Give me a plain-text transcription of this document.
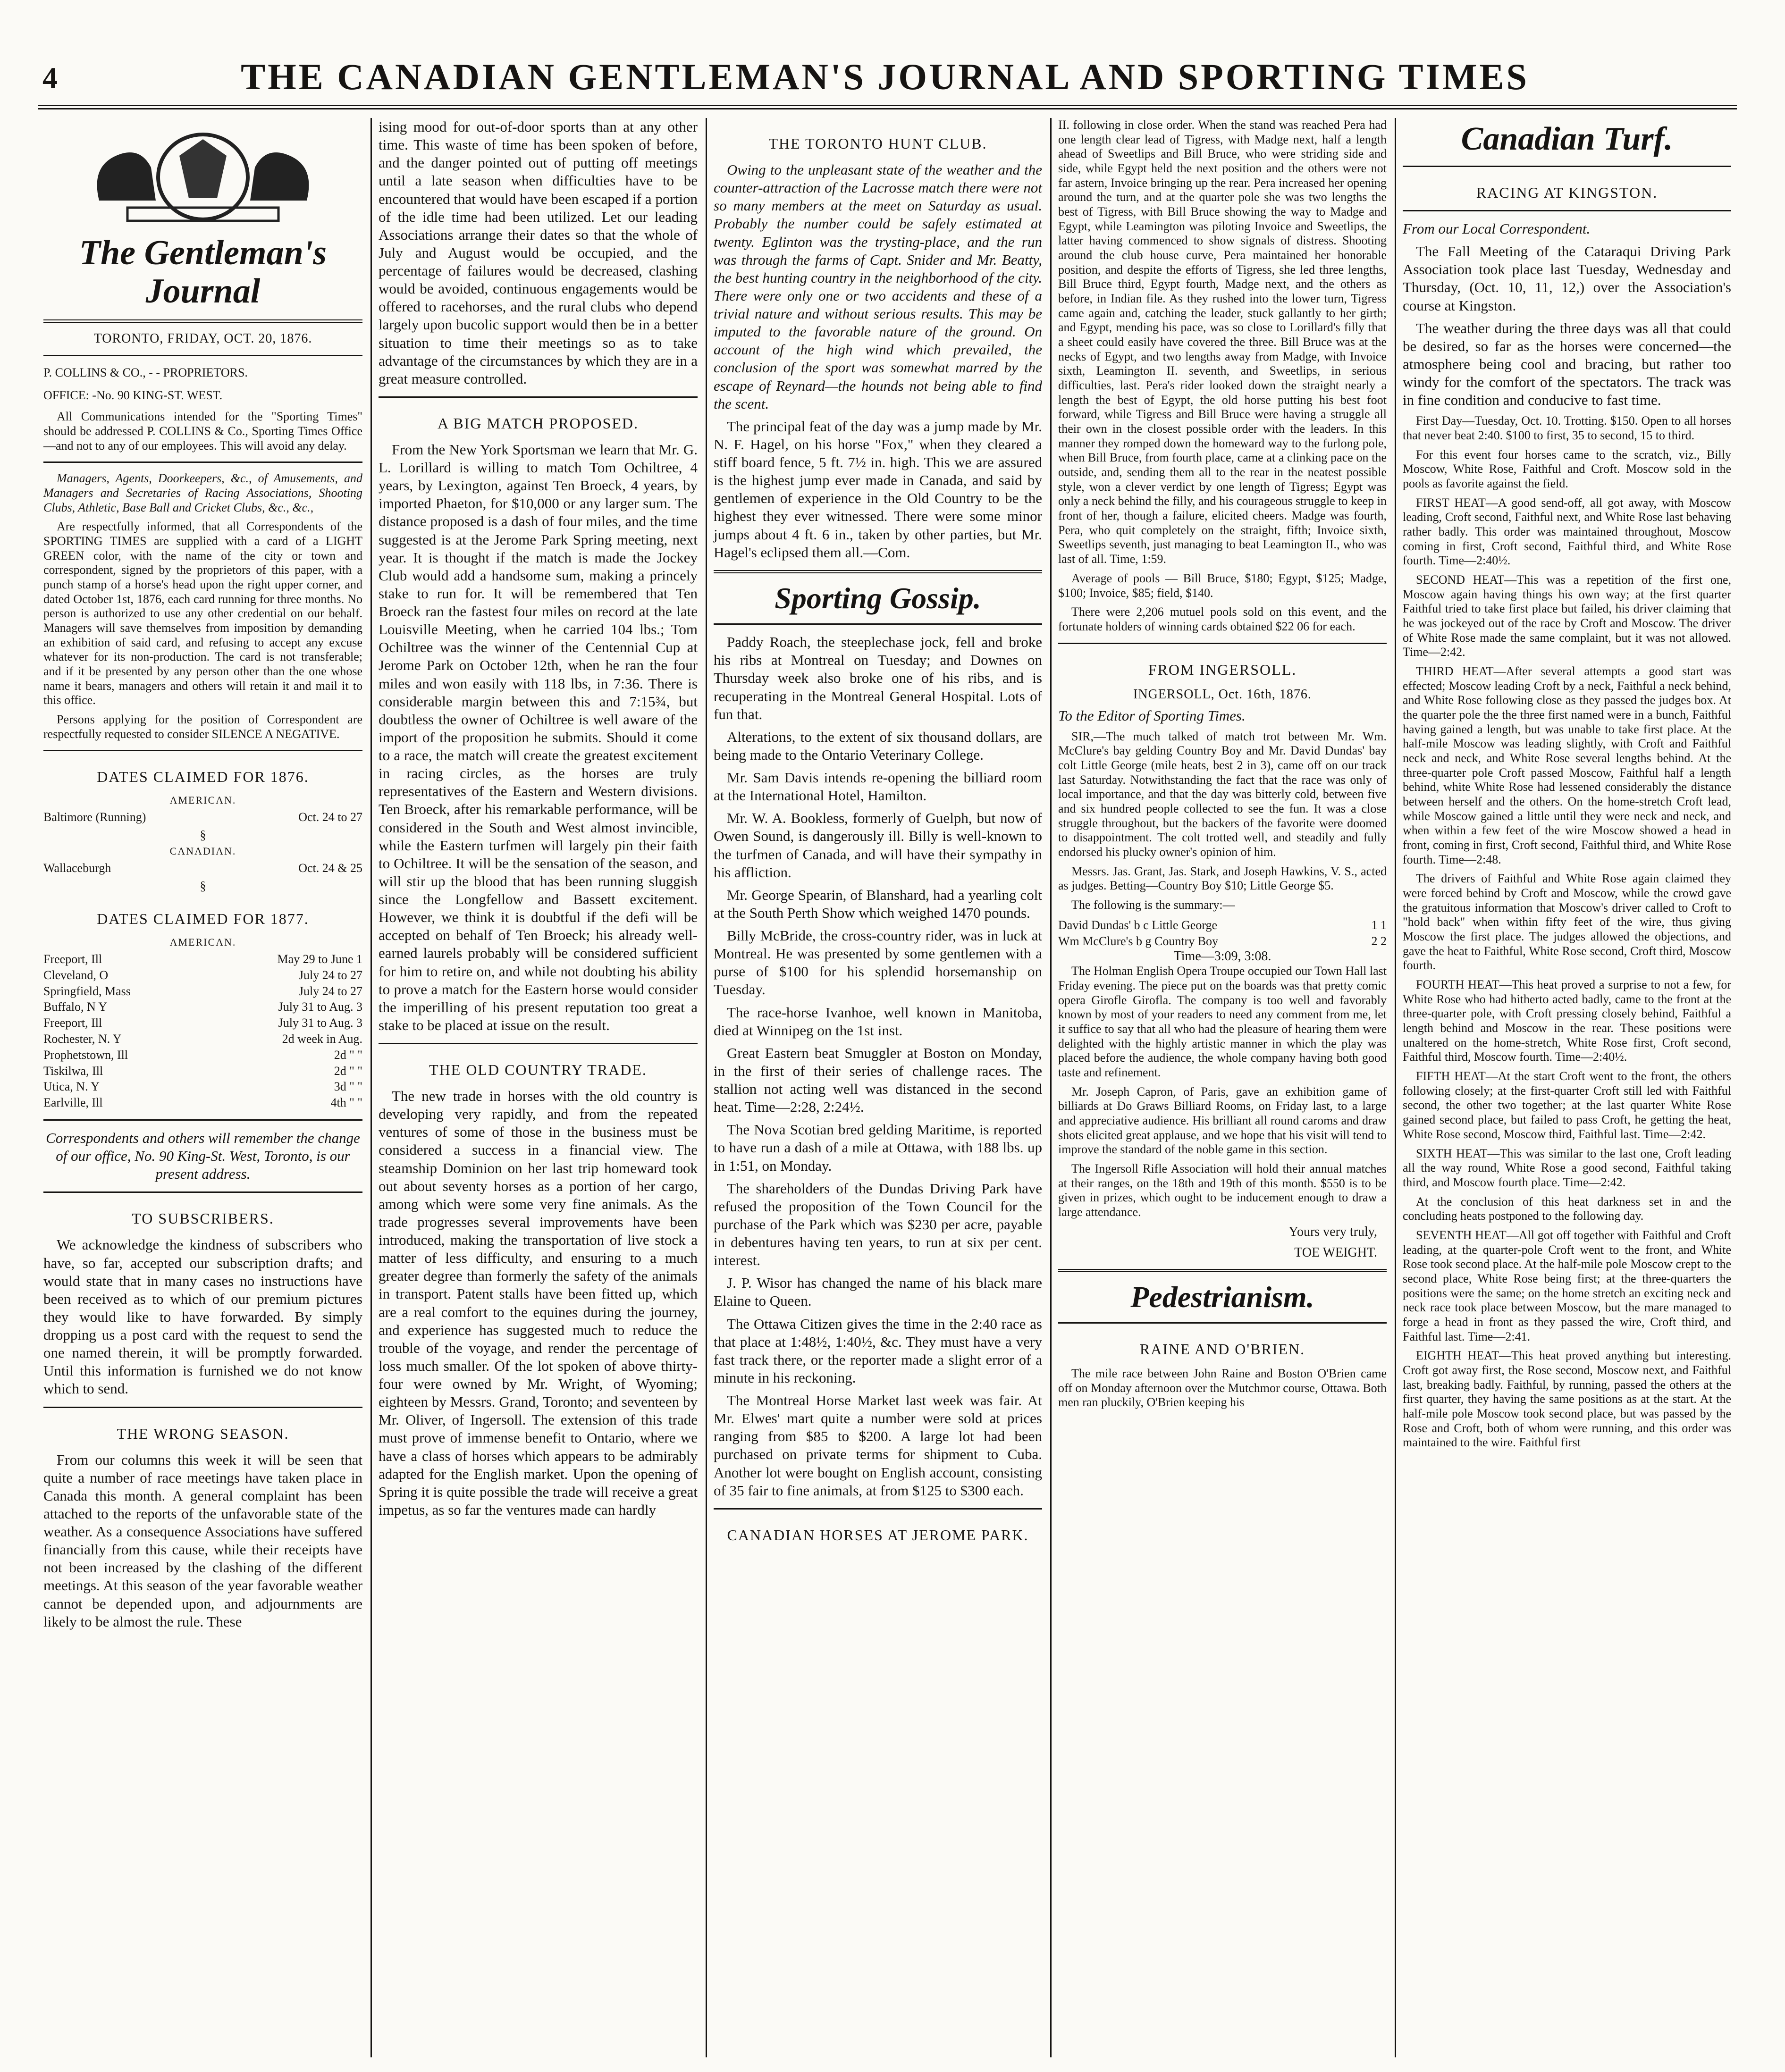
4	THE CANADIAN GENTLEMAN'S JOURNAL AND SPORTING TIMES
The Gentleman's Journal
TORONTO, FRIDAY, OCT. 20, 1876.
P. COLLINS & CO., - - PROPRIETORS.
OFFICE: -No. 90 KING-ST. WEST.

All Communications intended for the "Sporting Times" should be addressed P. COLLINS & Co., Sporting Times Office—and not to any of our employees. This will avoid any delay.

Managers, Agents, Doorkeepers, &c., of Amusements, and Managers and Secretaries of Racing Associations, Shooting Clubs, Athletic, Base Ball and Cricket Clubs, &c., &c.,

Are respectfully informed, that all Correspondents of the SPORTING TIMES are supplied with a card of a LIGHT GREEN color, with the name of the city or town and correspondent, signed by the proprietors of this paper, with a punch stamp of a horse's head upon the right upper corner, and dated October 1st, 1876, each card running for three months. No person is authorized to use any other credential on our behalf. Managers will save themselves from imposition by demanding an exhibition of said card, and refusing to accept any excuse whatever for its non-production. The card is not transferable; and if it be presented by any person other than the one whose name it bears, managers and others will retain it and mail it to this office.

Persons applying for the position of Correspondent are respectfully requested to consider SILENCE A NEGATIVE.

DATES CLAIMED FOR 1876.
AMERICAN.
Baltimore (Running)	Oct. 24 to 27
§
CANADIAN.
Wallaceburgh	Oct. 24 & 25
§
DATES CLAIMED FOR 1877.
AMERICAN.
Freeport, Ill	May 29 to June 1
Cleveland, O	July 24 to 27
Springfield, Mass	July 24 to 27
Buffalo, N Y	July 31 to Aug. 3
Freeport, Ill	July 31 to Aug. 3
Rochester, N. Y	2d week in Aug.
Prophetstown, Ill	2d " "
Tiskilwa, Ill	2d " "
Utica, N. Y	3d " "
Earlville, Ill	4th " "

Correspondents and others will remember the change of our office, No. 90 King-St. West, Toronto, is our present address.

TO SUBSCRIBERS.

We acknowledge the kindness of subscribers who have, so far, accepted our subscription drafts; and would state that in many cases no instructions have been received as to which of our premium pictures they would like to have forwarded. By simply dropping us a post card with the request to send the one named therein, it will be promptly forwarded. Until this information is furnished we do not know which to send.

THE WRONG SEASON.

From our columns this week it will be seen that quite a number of race meetings have taken place in Canada this month. A general complaint has been attached to the reports of the unfavorable state of the weather. As a consequence Associations have suffered financially from this cause, while their receipts have not been increased by the clashing of the different meetings. At this season of the year favorable weather cannot be depended upon, and adjournments are likely to be almost the rule. These

ising mood for out-of-door sports than at any other time. This waste of time has been spoken of before, and the danger pointed out of putting off meetings until a late season when difficulties have to be encountered that would have been escaped if a portion of the idle time had been utilized. Let our leading Associations arrange their dates so that the whole of July and August would be occupied, and the percentage of failures would be decreased, clashing would be avoided, continuous engagements would be offered to racehorses, and the rural clubs who depend largely upon bucolic support would then be in a better situation to time their meetings so as to take advantage of the circumstances by which they are in a great measure controlled.

A BIG MATCH PROPOSED.

From the New York Sportsman we learn that Mr. G. L. Lorillard is willing to match Tom Ochiltree, 4 years, by Lexington, against Ten Broeck, 4 years, by imported Phaeton, for $10,000 or any larger sum. The distance proposed is a dash of four miles, and the time suggested is at the Jerome Park Spring meeting, next year. It is thought if the match is made the Jockey Club would add a handsome sum, making a princely stake to run for. It will be remembered that Ten Broeck ran the fastest four miles on record at the late Louisville Meeting, when he carried 104 lbs.; Tom Ochiltree was the winner of the Centennial Cup at Jerome Park on October 12th, when he ran the four miles and won easily with 118 lbs, in 7:36. There is considerable margin between this and 7:15¾, but doubtless the owner of Ochiltree is well aware of the import of the proposition he submits. Should it come to a race, the match will create the greatest excitement in racing circles, as the horses are truly representatives of the Eastern and Western divisions. Ten Broeck, after his remarkable performance, will be considered in the South and West almost invincible, while the Eastern turfmen will largely pin their faith to Ochiltree. It will be the sensation of the season, and will stir up the blood that has been running sluggish since the Longfellow and Bassett excitement. However, we think it is doubtful if the defi will be accepted on behalf of Ten Broeck; his already well-earned laurels probably will be considered sufficient for him to retire on, and while not doubting his ability to prove a match for the Eastern horse would consider the imperilling of his present reputation too great a stake to be placed at issue on the result.

THE OLD COUNTRY TRADE.

The new trade in horses with the old country is developing very rapidly, and from the repeated ventures of some of those in the business must be considered a success in a financial view. The steamship Dominion on her last trip homeward took out about seventy horses as a portion of her cargo, among which were some very fine animals. As the trade progresses several improvements have been introduced, making the transportation of live stock a matter of less difficulty, and ensuring to a much greater degree than formerly the safety of the animals in transport. Patent stalls have been fitted up, which are a real comfort to the equines during the journey, and experience has suggested much to reduce the trouble of the voyage, and render the percentage of loss much smaller. Of the lot spoken of above thirty-four were owned by Mr. Wright, of Wyoming; eighteen by Messrs. Grand, Toronto; and seventeen by Mr. Oliver, of Ingersoll. The extension of this trade must prove of immense benefit to Ontario, where we have a class of horses which appears to be admirably adapted for the English market. Upon the opening of Spring it is quite possible the trade will receive a great impetus, as so far the ventures made can hardly

THE TORONTO HUNT CLUB.

Owing to the unpleasant state of the weather and the counter-attraction of the Lacrosse match there were not so many members at the meet on Saturday as usual. Probably the number could be safely estimated at twenty. Eglinton was the trysting-place, and the run was through the farms of Capt. Snider and Mr. Beatty, the best hunting country in the neighborhood of the city. There were only one or two accidents and these of a trivial nature and without serious results. This may be imputed to the favorable nature of the ground. On account of the high wind which prevailed, the conclusion of the sport was somewhat marred by the escape of Reynard—the hounds not being able to find the scent.

The principal feat of the day was a jump made by Mr. N. F. Hagel, on his horse "Fox," when they cleared a stiff board fence, 5 ft. 7½ in. high. This we are assured is the highest jump ever made in Canada, and said by gentlemen of experience in the Old Country to be the highest they ever witnessed. There were some minor jumps about 4 ft. 6 in., taken by other parties, but Mr. Hagel's eclipsed them all.—Com.

Sporting Gossip.

Paddy Roach, the steeplechase jock, fell and broke his ribs at Montreal on Tuesday; and Downes on Thursday week also broke one of his ribs, and is recuperating in the Montreal General Hospital. Lots of fun that.

Alterations, to the extent of six thousand dollars, are being made to the Ontario Veterinary College.

Mr. Sam Davis intends re-opening the billiard room at the International Hotel, Hamilton.

Mr. W. A. Bookless, formerly of Guelph, but now of Owen Sound, is dangerously ill. Billy is well-known to the turfmen of Canada, and will have their sympathy in his affliction.

Mr. George Spearin, of Blanshard, had a yearling colt at the South Perth Show which weighed 1470 pounds.

Billy McBride, the cross-country rider, was in luck at Montreal. He was presented by some gentlemen with a purse of $100 for his splendid horsemanship on Tuesday.

The race-horse Ivanhoe, well known in Manitoba, died at Winnipeg on the 1st inst.

Great Eastern beat Smuggler at Boston on Monday, in the first of their series of challenge races. The stallion not acting well was distanced in the second heat. Time—2:28, 2:24½.

The Nova Scotian bred gelding Maritime, is reported to have run a dash of a mile at Ottawa, with 188 lbs. up in 1:51, on Monday.

The shareholders of the Dundas Driving Park have refused the proposition of the Town Council for the purchase of the Park which was $230 per acre, payable in debentures having ten years, to run at six per cent. interest.

J. P. Wisor has changed the name of his black mare Elaine to Queen.

The Ottawa Citizen gives the time in the 2:40 race as that place at 1:48½, 1:40½, &c. They must have a very fast track there, or the reporter made a slight error of a minute in his reckoning.

The Montreal Horse Market last week was fair. At Mr. Elwes' mart quite a number were sold at prices ranging from $85 to $200. A large lot had been purchased on private terms for shipment to Cuba. Another lot were bought on English account, consisting of 35 fair to fine animals, at from $125 to $300 each.

CANADIAN HORSES AT JEROME PARK.

II. following in close order. When the stand was reached Pera had one length clear lead of Tigress, with Madge next, half a length ahead of Sweetlips and Bill Bruce, who were striding side and side, while Egypt held the next position and the others were not far astern, Invoice bringing up the rear. Pera increased her opening around the turn, and at the quarter pole she was two lengths the best of Tigress, with Bill Bruce showing the way to Madge and Egypt, while Leamington was piloting Invoice and Sweetlips, the latter having commenced to show signals of distress. Shooting around the club house curve, Pera maintained her honorable position, and despite the efforts of Tigress, she led three lengths, Bill Bruce third, Egypt fourth, Madge next, and the others as before, in Indian file. As they rushed into the lower turn, Tigress came again and, catching the leader, stuck gallantly to her girth; and Egypt, mending his pace, was so close to Lorillard's filly that a sheet could easily have covered the three. Bill Bruce was at the necks of Egypt, and two lengths away from Madge, with Invoice sixth, Leamington II. seventh, and Sweetlips, in serious difficulties, last. Pera's rider looked down the straight nearly a length the best of Egypt, the old horse putting his best foot forward, while Tigress and Bill Bruce were having a struggle all their own in the closest possible order with the leaders. In this manner they romped down the homeward way to the furlong pole, when Bill Bruce, from fourth place, came at a clinking pace on the outside, and, sending them all to the rear in the neatest possible style, won a clever verdict by one length of Tigress; Egypt was only a neck behind the filly, and his courageous struggle to keep in front of her, though a failure, elicited cheers. Madge was fourth, Pera, who quit completely on the straight, fifth; Invoice sixth, Sweetlips seventh, just managing to beat Leamington II., who was last of all. Time, 1:59.

Average of pools — Bill Bruce, $180; Egypt, $125; Madge, $100; Invoice, $85; field, $140.

There were 2,206 mutuel pools sold on this event, and the fortunate holders of winning cards obtained $22 06 for each.

FROM INGERSOLL.
INGERSOLL, Oct. 16th, 1876.

To the Editor of Sporting Times.

SIR,—The much talked of match trot between Mr. Wm. McClure's bay gelding Country Boy and Mr. David Dundas' bay colt Little George (mile heats, best 2 in 3), came off on our track last Saturday. Notwithstanding the fact that the race was only of local importance, and that the day was bitterly cold, between five and six hundred people collected to see the fun. It was a close struggle throughout, but the backers of the favorite were doomed to disappointment. The colt trotted well, and steadily and fully endorsed his plucky owner's opinion of him.

Messrs. Jas. Grant, Jas. Stark, and Joseph Hawkins, V. S., acted as judges. Betting—Country Boy $10; Little George $5.

The following is the summary:—

David Dundas' b c Little George	1 1
Wm McClure's b g Country Boy	2 2
Time—3:09, 3:08.

The Holman English Opera Troupe occupied our Town Hall last Friday evening. The piece put on the boards was that pretty comic opera Girofle Girofla. The company is too well and favorably known by most of your readers to need any comment from me, let it suffice to say that all who had the pleasure of hearing them were delighted with the highly artistic manner in which the play was placed before the audience, the whole company having both good taste and refinement.

Mr. Joseph Capron, of Paris, gave an exhibition game of billiards at Do Graws Billiard Rooms, on Friday last, to a large and appreciative audience. His brilliant all round caroms and draw shots elicited great applause, and we hope that his visit will tend to improve the standard of the noble game in this section.

The Ingersoll Rifle Association will hold their annual matches at their ranges, on the 18th and 19th of this month. $550 is to be given in prizes, which ought to be inducement enough to draw a large attendance.

Yours very truly,
TOE WEIGHT.
Pedestrianism.
RAINE AND O'BRIEN.

The mile race between John Raine and Boston O'Brien came off on Monday afternoon over the Mutchmor course, Ottawa. Both men ran pluckily, O'Brien keeping his

Canadian Turf.
RACING AT KINGSTON.

From our Local Correspondent.

The Fall Meeting of the Cataraqui Driving Park Association took place last Tuesday, Wednesday and Thursday, (Oct. 10, 11, 12,) over the Association's course at Kingston.

The weather during the three days was all that could be desired, so far as the horses were concerned—the atmosphere being cool and bracing, but rather too windy for the comfort of the spectators. The track was in fine condition and conducive to fast time.

First Day—Tuesday, Oct. 10. Trotting. $150. Open to all horses that never beat 2:40. $100 to first, 35 to second, 15 to third.

For this event four horses came to the scratch, viz., Billy Moscow, White Rose, Faithful and Croft. Moscow sold in the pools as favorite against the field.

FIRST HEAT—A good send-off, all got away, with Moscow leading, Croft second, Faithful next, and White Rose last behaving rather badly. This order was maintained throughout, Moscow coming in first, Croft second, Faithful third, and White Rose fourth. Time—2:40½.

SECOND HEAT—This was a repetition of the first one, Moscow again having things his own way; at the first quarter Faithful tried to take first place but failed, his driver claiming that he was jockeyed out of the race by Croft and Moscow. The driver of White Rose made the same complaint, but it was not allowed. Time—2:42.

THIRD HEAT—After several attempts a good start was effected; Moscow leading Croft by a neck, Faithful a neck behind, and White Rose following close as they passed the judges box. At the quarter pole the the three first named were in a bunch, Faithful having gained a length, but was unable to take first place. At the half-mile Moscow was leading slightly, with Croft and Faithful neck and neck, and White Rose several lengths behind. At the three-quarter pole Croft passed Moscow, Faithful half a length behind, white White Rose had lessened considerably the distance between herself and the others. On the home-stretch Croft lead, while Moscow gained a little until they were neck and neck, and when within a few feet of the wire Moscow showed a head in front, coming in first, Croft second, Faithful third, and White Rose fourth. Time—2:48.

The drivers of Faithful and White Rose again claimed they were forced behind by Croft and Moscow, while the crowd gave the gratuitous information that Moscow's driver called to Croft to "hold back" when within fifty feet of the wire, thus giving Moscow the first place. The judges allowed the objections, and gave the heat to Faithful, White Rose second, Croft third, Moscow fourth.

FOURTH HEAT—This heat proved a surprise to not a few, for White Rose who had hitherto acted badly, came to the front at the three-quarter pole, with Croft pressing closely behind, Faithful a length behind and Moscow in the rear. These positions were unaltered on the home-stretch, White Rose first, Croft second, Faithful third, Moscow fourth. Time—2:40½.

FIFTH HEAT—At the start Croft went to the front, the others following closely; at the first-quarter Croft still led with Faithful second, the other two together; at the last quarter White Rose gained second place, but failed to pass Croft, he getting the heat, White Rose second, Moscow third, Faithful last. Time—2:42.

SIXTH HEAT—This was similar to the last one, Croft leading all the way round, White Rose a good second, Faithful taking third, and Moscow fourth place. Time—2:42.

At the conclusion of this heat darkness set in and the concluding heats postponed to the following day.

SEVENTH HEAT—All got off together with Faithful and Croft leading, at the quarter-pole Croft went to the front, and White Rose took second place. At the half-mile pole Moscow crept to the second place, White Rose being first; at the three-quarters the positions were the same; on the home stretch an exciting neck and neck race took place between Moscow, but the mare managed to forge a head in front as they passed the wire, Croft third, and Faithful last. Time—2:41.

EIGHTH HEAT—This heat proved anything but interesting. Croft got away first, the Rose second, Moscow next, and Faithful last, breaking badly. Faithful, by running, passed the others at the first quarter, they having the same positions as at the start. At the half-mile pole Moscow took second place, but was passed by the Rose and Croft, both of whom were running, and this order was maintained to the wire. Faithful first
